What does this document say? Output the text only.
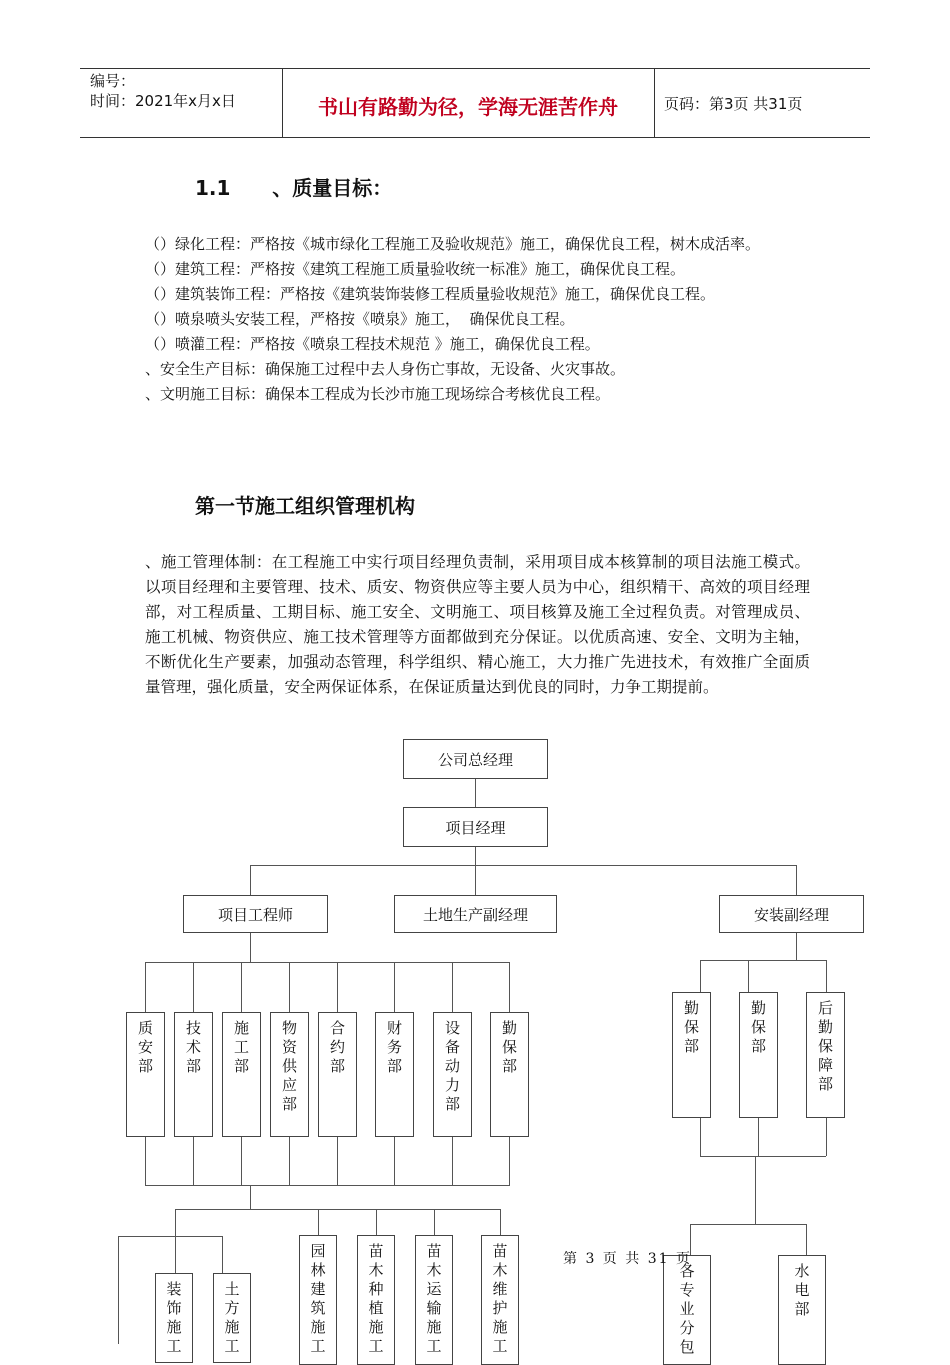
编号：
时间：2021年x月x日	书山有路勤为径，学海无涯苦作舟	页码：第3页 共31页
1.1      、质量目标：

（）绿化工程：严格按《城市绿化工程施工及验收规范》施工，确保优良工程，树木成活率。

（）建筑工程：严格按《建筑工程施工质量验收统一标准》施工，确保优良工程。

（）建筑装饰工程：严格按《建筑装饰装修工程质量验收规范》施工，确保优良工程。

（）喷泉喷头安装工程，严格按《喷泉》施工，  确保优良工程。

（）喷灌工程：严格按《喷泉工程技术规范 》施工，确保优良工程。

、安全生产目标：确保施工过程中去人身伤亡事故，无设备、火灾事故。

、文明施工目标：确保本工程成为长沙市施工现场综合考核优良工程。

第一节施工组织管理机构
、施工管理体制：在工程施工中实行项目经理负责制，采用项目成本核算制的项目法施工模式。以项目经理和主要管理、技术、质安、物资供应等主要人员为中心，组织精干、高效的项目经理部，对工程质量、工期目标、施工安全、文明施工、项目核算及施工全过程负责。对管理成员、施工机械、物资供应、施工技术管理等方面都做到充分保证。以优质高速、安全、文明为主轴，不断优化生产要素，加强动态管理，科学组织、精心施工，大力推广先进技术，有效推广全面质量管理，强化质量，安全两保证体系，在保证质量达到优良的同时，力争工期提前。
公司总经理
项目经理
项目工程师	土地生产副经理	安装副经理
质安部
技术部
施工部
物资供应部
合约部
财务部
设备动力部
勤保部
装饰施工
土方施工
园林建筑施工
苗木种植施工
苗木运输施工
苗木维护施工
勤保部
勤保部
后勤保障部
各专业分包
水电部
第 3 页 共 31 页
